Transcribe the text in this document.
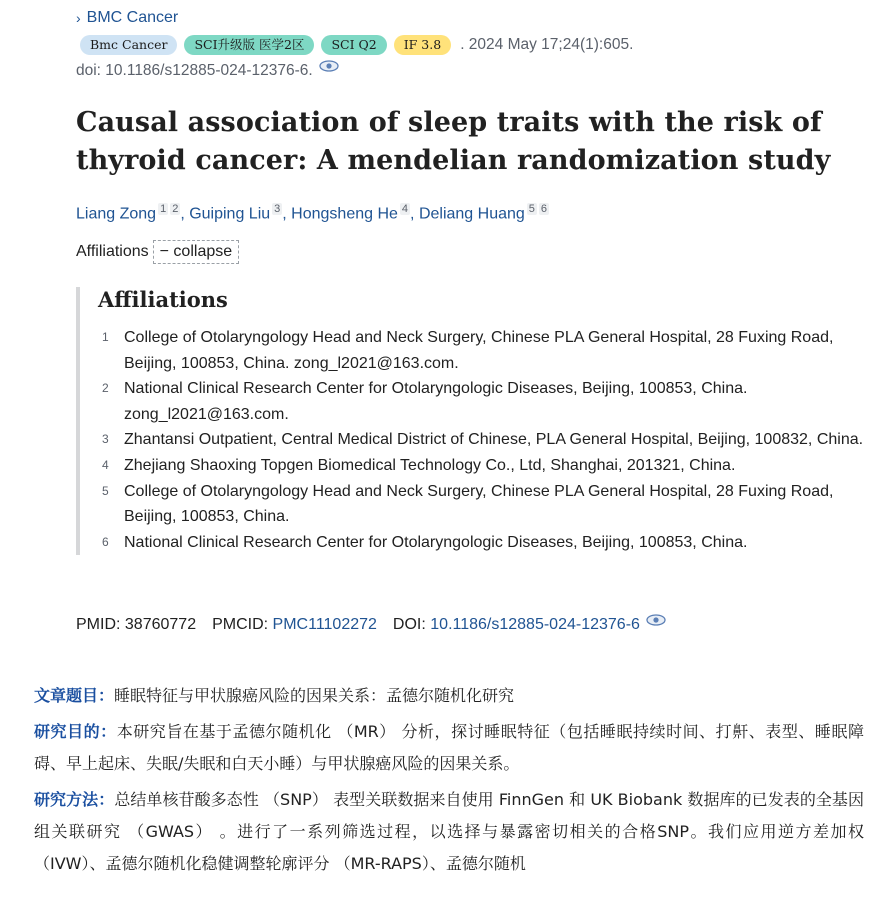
› BMC Cancer
Bmc Cancer	SCI升级版 医学2区	SCI Q2	IF 3.8	. 2024 May 17;24(1):605.
doi: 10.1186/s12885-024-12376-6.
Causal association of sleep traits with the risk of thyroid cancer: A mendelian randomization study
Liang Zong $^1$ $^2$ , Guiping Liu $^3$ , Hongsheng He $^4$ , Deliang Huang $^5$ $^6$
Affiliations − collapse
Affiliations
1 College of Otolaryngology Head and Neck Surgery, Chinese PLA General Hospital, 28 Fuxing Road, Beijing, 100853, China. zong_l2021@163.com.
2 National Clinical Research Center for Otolaryngologic Diseases, Beijing, 100853, China. zong_l2021@163.com.
3 Zhantansi Outpatient, Central Medical District of Chinese, PLA General Hospital, Beijing, 100832, China.
4 Zhejiang Shaoxing Topgen Biomedical Technology Co., Ltd, Shanghai, 201321, China.
5 College of Otolaryngology Head and Neck Surgery, Chinese PLA General Hospital, 28 Fuxing Road, Beijing, 100853, China.
6 National Clinical Research Center for Otolaryngologic Diseases, Beijing, 100853, China.
PMID:
38760772 PMCID:
PMC11102272 DOI:
10.1186/s12885-024-12376-6

文章题目：睡眠特征与甲状腺癌风险的因果关系：孟德尔随机化研究

研究目的：本研究旨在基于孟德尔随机化 （MR） 分析，探讨睡眠特征（包括睡眠持续时间、打鼾、表型、睡眠障碍、早上起床、失眠/失眠和白天小睡）与甲状腺癌风险的因果关系。

研究方法：总结单核苷酸多态性 （SNP） 表型关联数据来自使用 FinnGen 和 UK Biobank 数据库的已发表的全基因组关联研究 （GWAS） 。进行了一系列筛选过程，以选择与暴露密切相关的合格SNP。我们应用逆方差加权 （IVW）、孟德尔随机化稳健调整轮廓评分 （MR-RAPS）、孟德尔随机
